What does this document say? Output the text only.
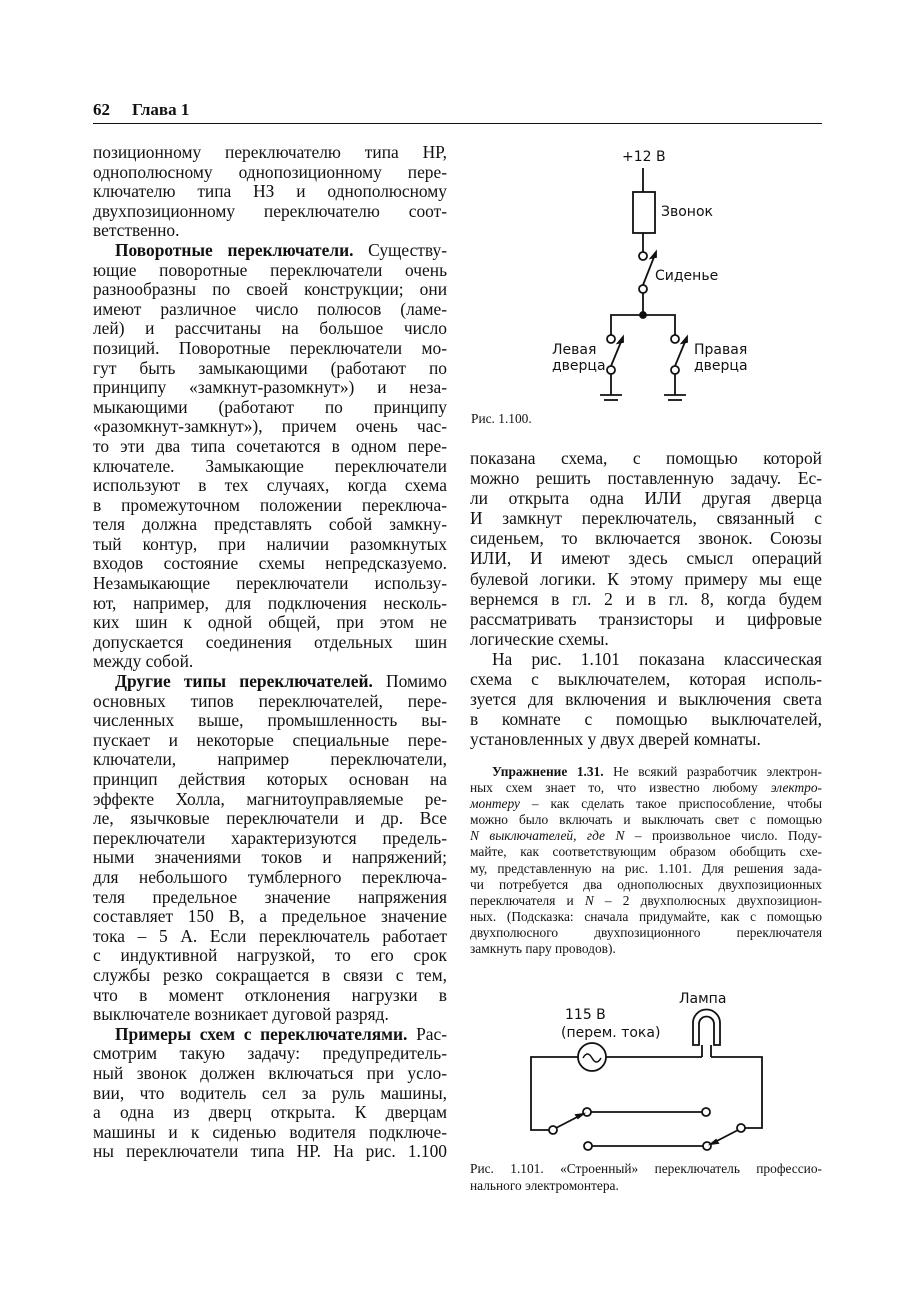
62 Глава 1
позиционному переключателю типа НР,
однополюсному однопозиционному пере-
ключателю типа НЗ и однополюсному
двухпозиционному переключателю соот-
ветственно.
Поворотные переключатели. Существу-
ющие поворотные переключатели очень
разнообразны по своей конструкции; они
имеют различное число полюсов (ламе-
лей) и рассчитаны на большое число
позиций. Поворотные переключатели мо-
гут быть замыкающими (работают по
принципу «замкнут-разомкнут») и неза-
мыкающими (работают по принципу
«разомкнут-замкнут»), причем очень час-
то эти два типа сочетаются в одном пере-
ключателе. Замыкающие переключатели
используют в тех случаях, когда схема
в промежуточном положении переключа-
теля должна представлять собой замкну-
тый контур, при наличии разомкнутых
входов состояние схемы непредсказуемо.
Незамыкающие переключатели использу-
ют, например, для подключения несколь-
ких шин к одной общей, при этом не
допускается соединения отдельных шин
между собой.
Другие типы переключателей. Помимо
основных типов переключателей, пере-
численных выше, промышленность вы-
пускает и некоторые специальные пере-
ключатели, например переключатели,
принцип действия которых основан на
эффекте Холла, магнитоуправляемые ре-
ле, язычковые переключатели и др. Все
переключатели характеризуются предель-
ными значениями токов и напряжений;
для небольшого тумблерного переключа-
теля предельное значение напряжения
составляет 150 В, а предельное значение
тока – 5 А. Если переключатель работает
с индуктивной нагрузкой, то его срок
службы резко сокращается в связи с тем,
что в момент отклонения нагрузки в
выключателе возникает дуговой разряд.
Примеры схем с переключателями. Рас-
смотрим такую задачу: предупредитель-
ный звонок должен включаться при усло-
вии, что водитель сел за руль машины,
а одна из дверц открыта. К дверцам
машины и к сиденью водителя подключе-
ны переключатели типа НР. На рис. 1.100
показана схема, с помощью которой
можно решить поставленную задачу. Ес-
ли открыта одна ИЛИ другая дверца
И замкнут переключатель, связанный с
сиденьем, то включается звонок. Союзы
ИЛИ, И имеют здесь смысл операций
булевой логики. К этому примеру мы еще
вернемся в гл. 2 и в гл. 8, когда будем
рассматривать транзисторы и цифровые
логические схемы.
На рис. 1.101 показана классическая
схема с выключателем, которая исполь-
зуется для включения и выключения света
в комнате с помощью выключателей,
установленных у двух дверей комнаты.
Упражнение 1.31. Не всякий разработчик электрон-
ных схем знает то, что известно любому электро-
монтеру – как сделать такое приспособление, чтобы
можно было включать и выключать свет с помощью
N выключателей, где N – произвольное число. Поду-
майте, как соответствующим образом обобщить схе-
му, представленную на рис. 1.101. Для решения зада-
чи потребуется два однополюсных двухпозиционных
переключателя и N – 2 двухполюсных двухпозицион-
ных. (Подсказка: сначала придумайте, как с помощью
двухполюсного двухпозиционного переключателя
замкнуть пару проводов).
+12 В
Звонок
Сиденье
Левая
дверца
Правая
дверца
Рис. 1.100.
Лампа
115 В
(перем. тока)
Рис. 1.101. «Строенный» переключатель профессио-
нального электромонтера.
